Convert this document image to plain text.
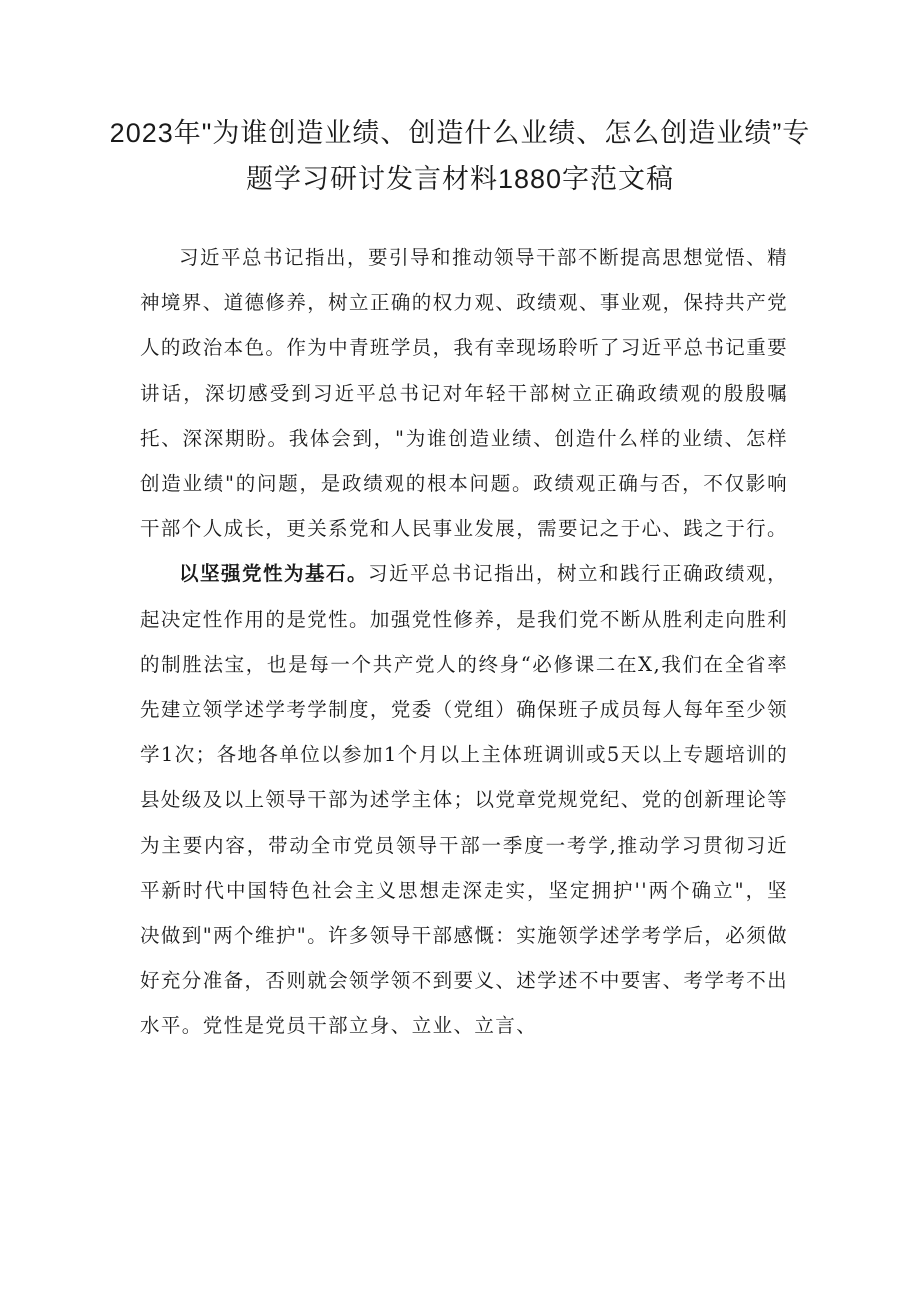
2023年"为谁创造业绩、创造什么业绩、怎么创造业绩”专题学习研讨发言材料1880字范文稿

习近平总书记指出，要引导和推动领导干部不断提高思想觉悟、精神境界、道德修养，树立正确的权力观、政绩观、事业观，保持共产党人的政治本色。作为中青班学员，我有幸现场聆听了习近平总书记重要讲话，深切感受到习近平总书记对年轻干部树立正确政绩观的殷殷嘱托、深深期盼。我体会到，"为谁创造业绩、创造什么样的业绩、怎样创造业绩"的问题，是政绩观的根本问题。政绩观正确与否，不仅影响干部个人成长，更关系党和人民事业发展，需要记之于心、践之于行。

以坚强党性为基石。习近平总书记指出，树立和践行正确政绩观，起决定性作用的是党性。加强党性修养，是我们党不断从胜利走向胜利的制胜法宝，也是每一个共产党人的终身“必修课二在X,我们在全省率先建立领学述学考学制度，党委（党组）确保班子成员每人每年至少领学1次；各地各单位以参加1个月以上主体班调训或5天以上专题培训的县处级及以上领导干部为述学主体；以党章党规党纪、党的创新理论等为主要内容，带动全市党员领导干部一季度一考学,推动学习贯彻习近平新时代中国特色社会主义思想走深走实，坚定拥护''两个确立"，坚决做到"两个维护"。许多领导干部感慨：实施领学述学考学后，必须做好充分准备，否则就会领学领不到要义、述学述不中要害、考学考不出水平。党性是党员干部立身、立业、立言、
